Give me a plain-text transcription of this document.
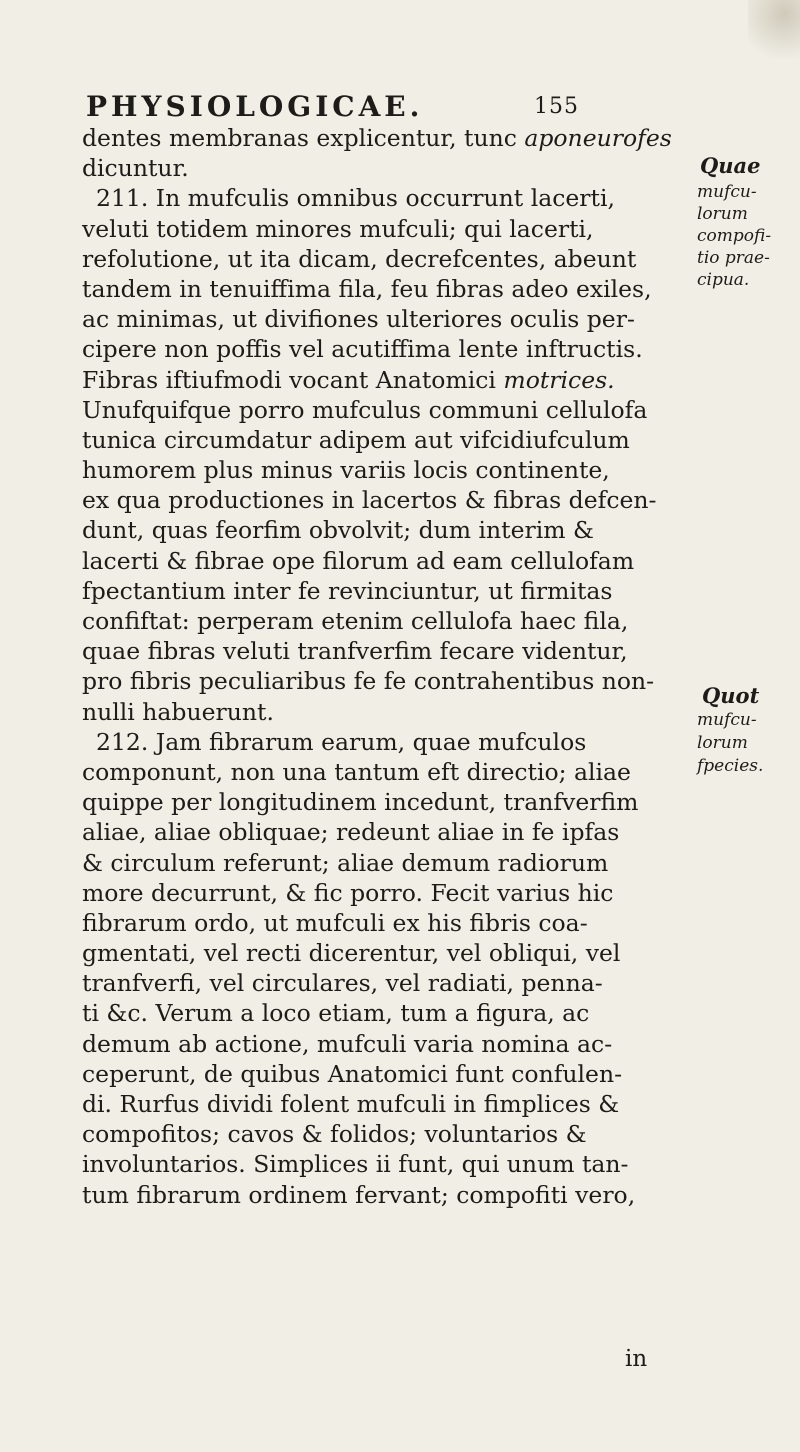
PHYSIOLOGICAE.	155
dentes membranas explicentur, tunc aponeurofes
dicuntur.
211. In mufculis omnibus occurrunt lacerti,
veluti totidem minores mufculi; qui lacerti,
refolutione, ut ita dicam, decrefcentes, abeunt
tandem in tenuiffima fila, feu fibras adeo exiles,
ac minimas, ut divifiones ulteriores oculis per-
cipere non poffis vel acutiffima lente inftructis.
Fibras iftiufmodi vocant Anatomici motrices.
Unufquifque porro mufculus communi cellulofa
tunica circumdatur adipem aut vifcidiufculum
humorem plus minus variis locis continente,
ex qua productiones in lacertos & fibras defcen-
dunt, quas feorfim obvolvit; dum interim &
lacerti & fibrae ope filorum ad eam cellulofam
fpectantium inter fe revinciuntur, ut firmitas
confiftat: perperam etenim cellulofa haec fila,
quae fibras veluti tranfverfim fecare videntur,
pro fibris peculiaribus fe fe contrahentibus non-
nulli habuerunt.
212. Jam fibrarum earum, quae mufculos
componunt, non una tantum eft directio; aliae
quippe per longitudinem incedunt, tranfverfim
aliae, aliae obliquae; redeunt aliae in fe ipfas
& circulum referunt; aliae demum radiorum
more decurrunt, & fic porro. Fecit varius hic
fibrarum ordo, ut mufculi ex his fibris coa-
gmentati, vel recti dicerentur, vel obliqui, vel
tranfverfi, vel circulares, vel radiati, penna-
ti &c. Verum a loco etiam, tum a figura, ac
demum ab actione, mufculi varia nomina ac-
ceperunt, de quibus Anatomici funt confulen-
di. Rurfus dividi folent mufculi in fimplices &
compofitos; cavos & folidos; voluntarios &
involuntarios. Simplices ii funt, qui unum tan-
tum fibrarum ordinem fervant; compofiti vero,
Quae
mufcu-
lorum
compofi-
tio prae-
cipua.
Quot
mufcu-
lorum
fpecies.
in
